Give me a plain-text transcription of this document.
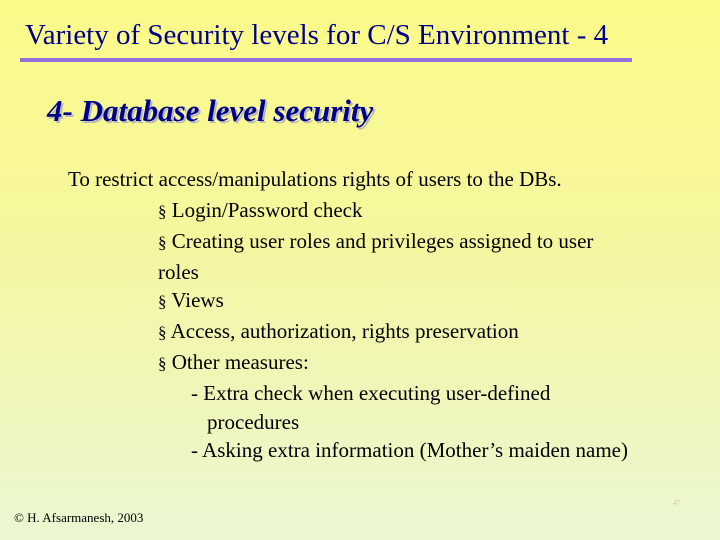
Variety of Security levels for C/S Environment - 4
4- Database level security
To restrict access/manipulations rights of users to the DBs.
§ Login/Password check
§ Creating user roles and privileges assigned to user roles
§ Views
§ Access, authorization, rights preservation
§ Other measures:
- Extra check when executing user-defined procedures
- Asking extra information (Mother’s maiden name)
© H. Afsarmanesh, 2003
47
